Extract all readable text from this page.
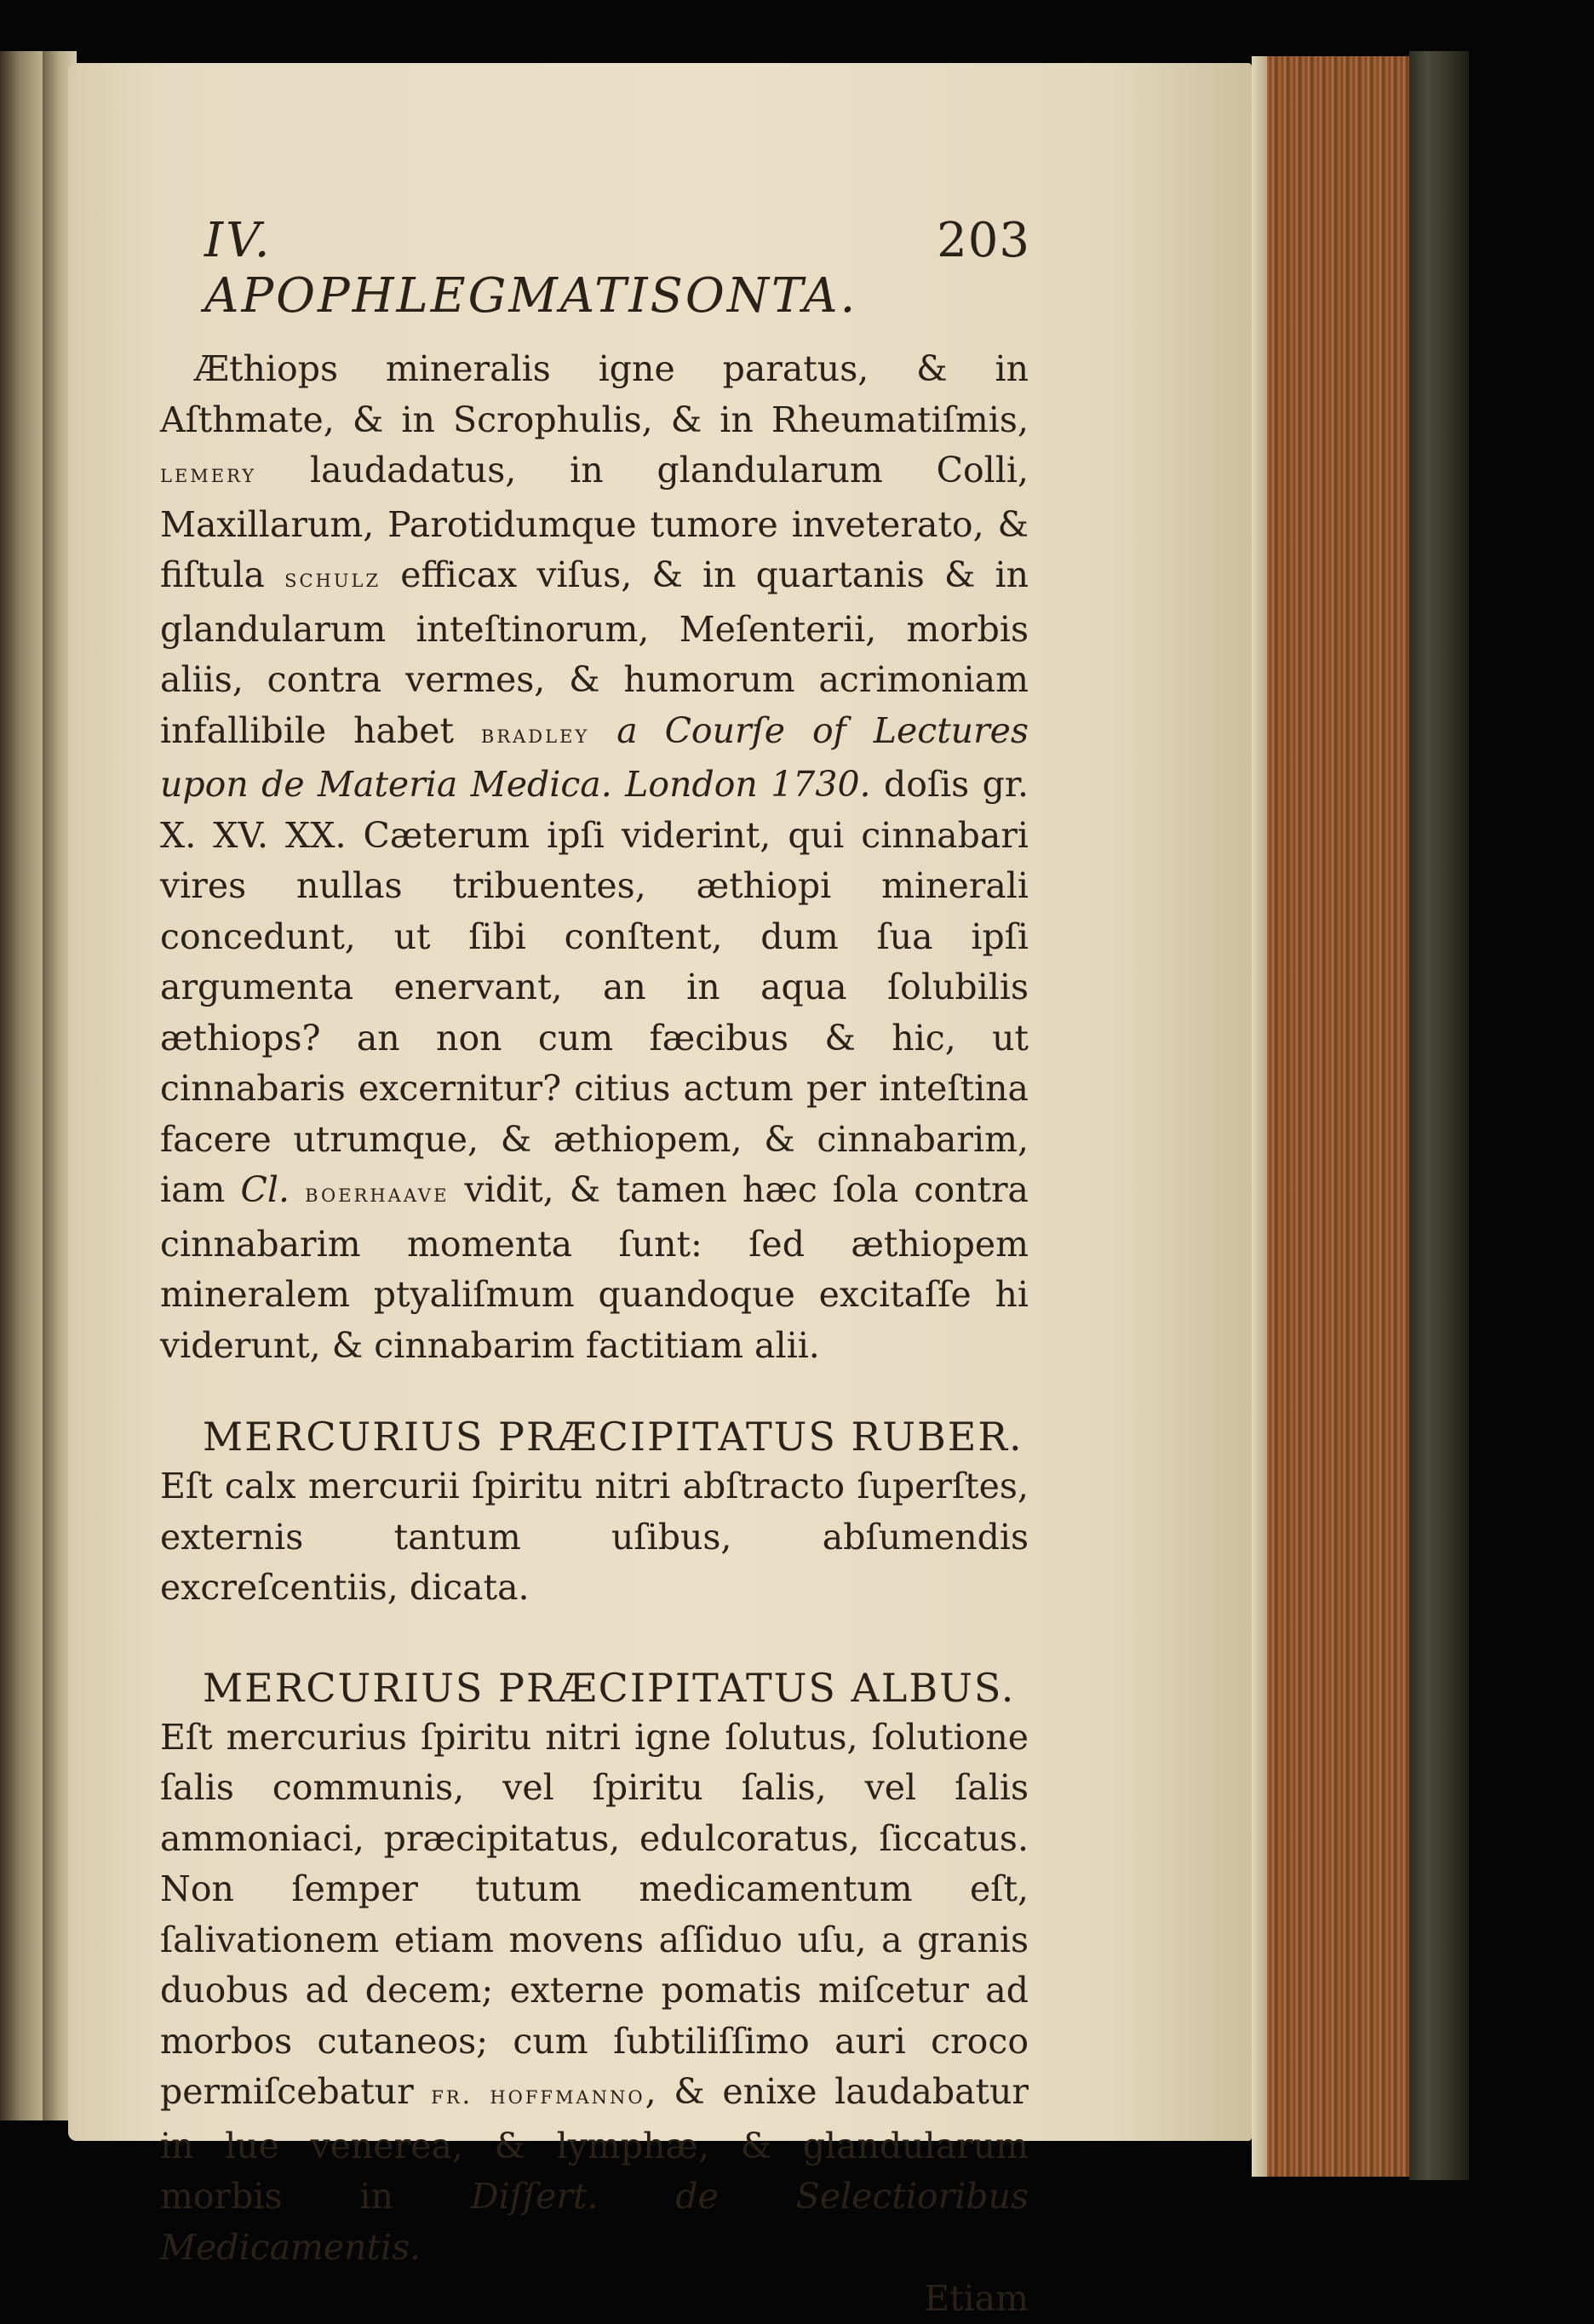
IV. APOPHLEGMATISONTA.
203

Æthiops mineralis igne paratus, & in Aſthmate, & in Scrophulis, & in Rheumatiſmis, lemery laudadatus, in glandularum Colli, Maxillarum, Parotidumque tumore inveterato, & fiſtula schulz efficax viſus, & in quartanis & in glandularum inteſtinorum, Meſenterii, morbis aliis, contra vermes, & humorum acrimoniam infallibile habet bradley a Courſe of Lectures upon de Materia Medica. London 1730. doſis gr. X. XV. XX. Cæterum ipſi viderint, qui cinnabari vires nullas tribuentes, æthiopi minerali concedunt, ut ſibi conſtent, dum ſua ipſi argumenta enervant, an in aqua ſolubilis æthiops? an non cum fæcibus & hic, ut cinnabaris excernitur? citius actum per inteſtina facere utrumque, & æthiopem, & cinnabarim, iam Cl. boerhaave vidit, & tamen hæc ſola contra cinnabarim momenta ſunt: ſed æthiopem mineralem ptyaliſmum quandoque excitaſſe hi viderunt, & cinnabarim factitiam alii.

MERCURIUS PRÆCIPITATUS RUBER.

Eſt calx mercurii ſpiritu nitri abſtracto ſuperſtes, externis tantum uſibus, abſumendis excreſcentiis, dicata.

MERCURIUS PRÆCIPITATUS ALBUS.

Eſt mercurius ſpiritu nitri igne ſolutus, ſolutione ſalis communis, vel ſpiritu ſalis, vel ſalis ammoniaci, præcipitatus, edulcoratus, ſiccatus. Non ſemper tutum medicamentum eſt, ſalivationem etiam movens aſſiduo uſu, a granis duobus ad decem; externe pomatis miſcetur ad morbos cutaneos; cum ſubtiliſſimo auri croco permiſcebatur fr. hoffmanno, & enixe laudabatur in lue venerea, & lymphæ, & glandularum morbis in Diſſert. de Selectioribus Medicamentis.

Etiam
